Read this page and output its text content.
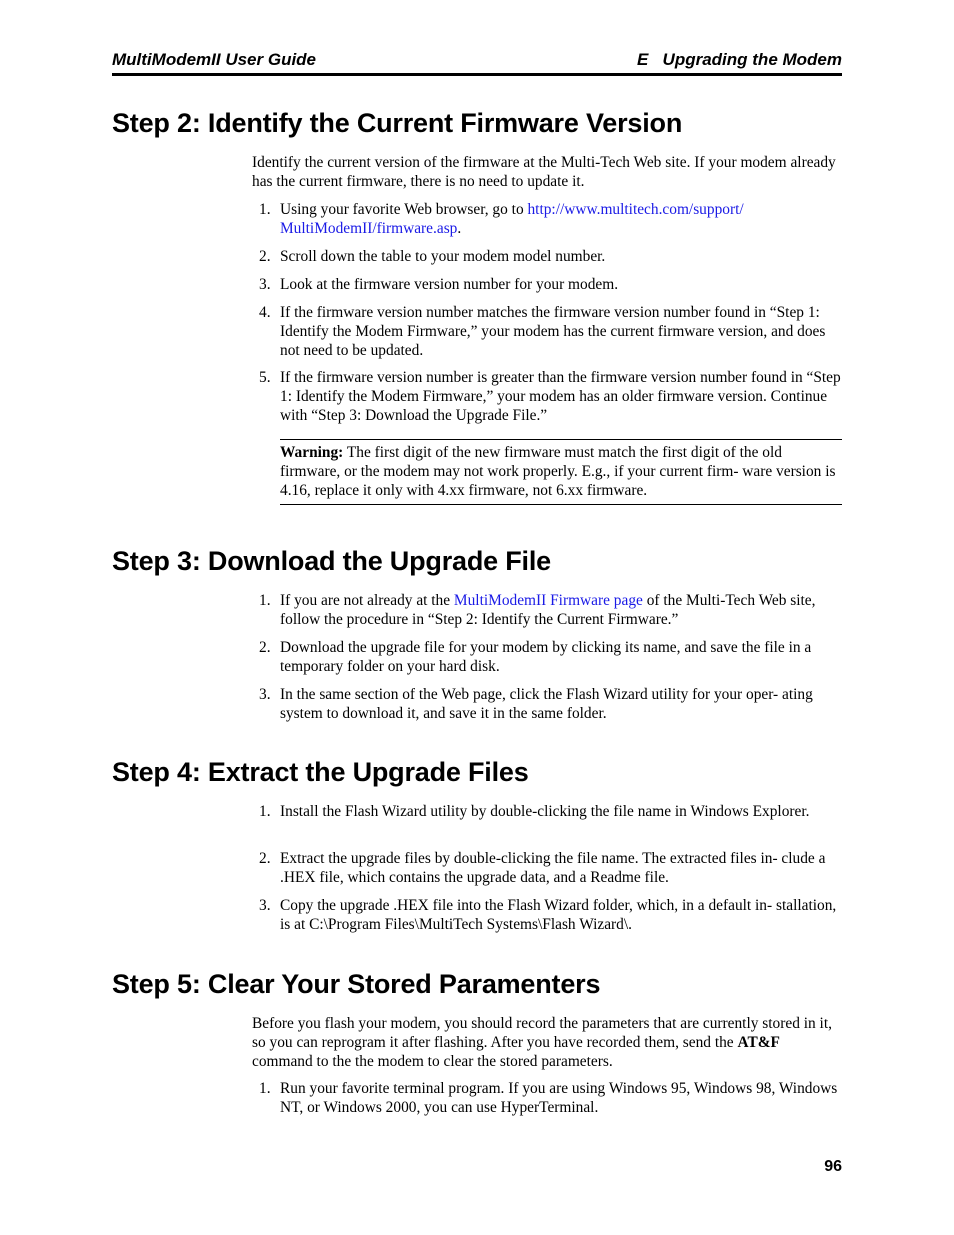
MultiModemII User Guide	E   Upgrading the Modem
Step 2: Identify the Current Firmware Version

Identify the current version of the firmware at the Multi-Tech Web site. If your modem already has the current firmware, there is no need to update it.

1. Using your favorite Web browser, go to http://www.multitech.com/support/ MultiModemII/firmware.asp.
2. Scroll down the table to your modem model number.
3. Look at the firmware version number for your modem.
4. If the firmware version number matches the firmware version number found in “Step 1: Identify the Modem Firmware,” your modem has the current firmware version, and does not need to be updated.
5. If the firmware version number is greater than the firmware version number found in “Step 1: Identify the Modem Firmware,” your modem has an older firmware version. Continue with “Step 3: Download the Upgrade File.”
Warning: The first digit of the new firmware must match the first digit of the old firmware, or the modem may not work properly. E.g., if your current firm- ware version is 4.16, replace it only with 4.xx firmware, not 6.xx firmware.
Step 3: Download the Upgrade File
1. If you are not already at the MultiModemII Firmware page of the Multi-Tech Web site, follow the procedure in “Step 2: Identify the Current Firmware.”
2. Download the upgrade file for your modem by clicking its name, and save the file in a temporary folder on your hard disk.
3. In the same section of the Web page, click the Flash Wizard utility for your oper- ating system to download it, and save it in the same folder.
Step 4: Extract the Upgrade Files
1. Install the Flash Wizard utility by double-clicking the file name in Windows Explorer.
2. Extract the upgrade files by double-clicking the file name. The extracted files in- clude a .HEX file, which contains the upgrade data, and a Readme file.
3. Copy the upgrade .HEX file into the Flash Wizard folder, which, in a default in- stallation, is at C:\Program Files\MultiTech Systems\Flash Wizard\.
Step 5: Clear Your Stored Paramenters

Before you flash your modem, you should record the parameters that are currently stored in it, so you can reprogram it after flashing. After you have recorded them, send the AT&F command to the the modem to clear the stored parameters.

1. Run your favorite terminal program. If you are using Windows 95, Windows 98, Windows NT, or Windows 2000, you can use HyperTerminal.
96
